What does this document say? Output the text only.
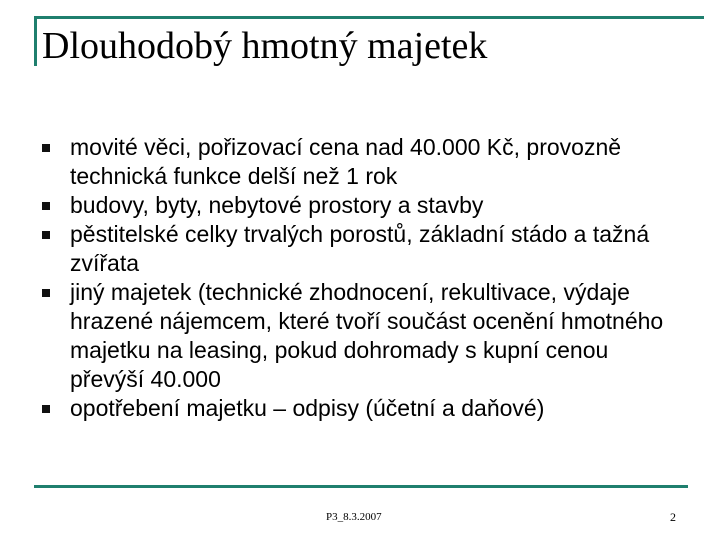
Dlouhodobý hmotný majetek
movité věci, pořizovací cena nad 40.000 Kč, provozně technická funkce delší než 1 rok
budovy, byty, nebytové prostory a stavby
pěstitelské celky trvalých porostů, základní stádo a tažná zvířata
jiný majetek (technické zhodnocení, rekultivace, výdaje hrazené nájemcem, které tvoří součást ocenění hmotného majetku na leasing, pokud dohromady s kupní cenou převýší 40.000
opotřebení majetku – odpisy (účetní a daňové)
P3_8.3.2007	2
